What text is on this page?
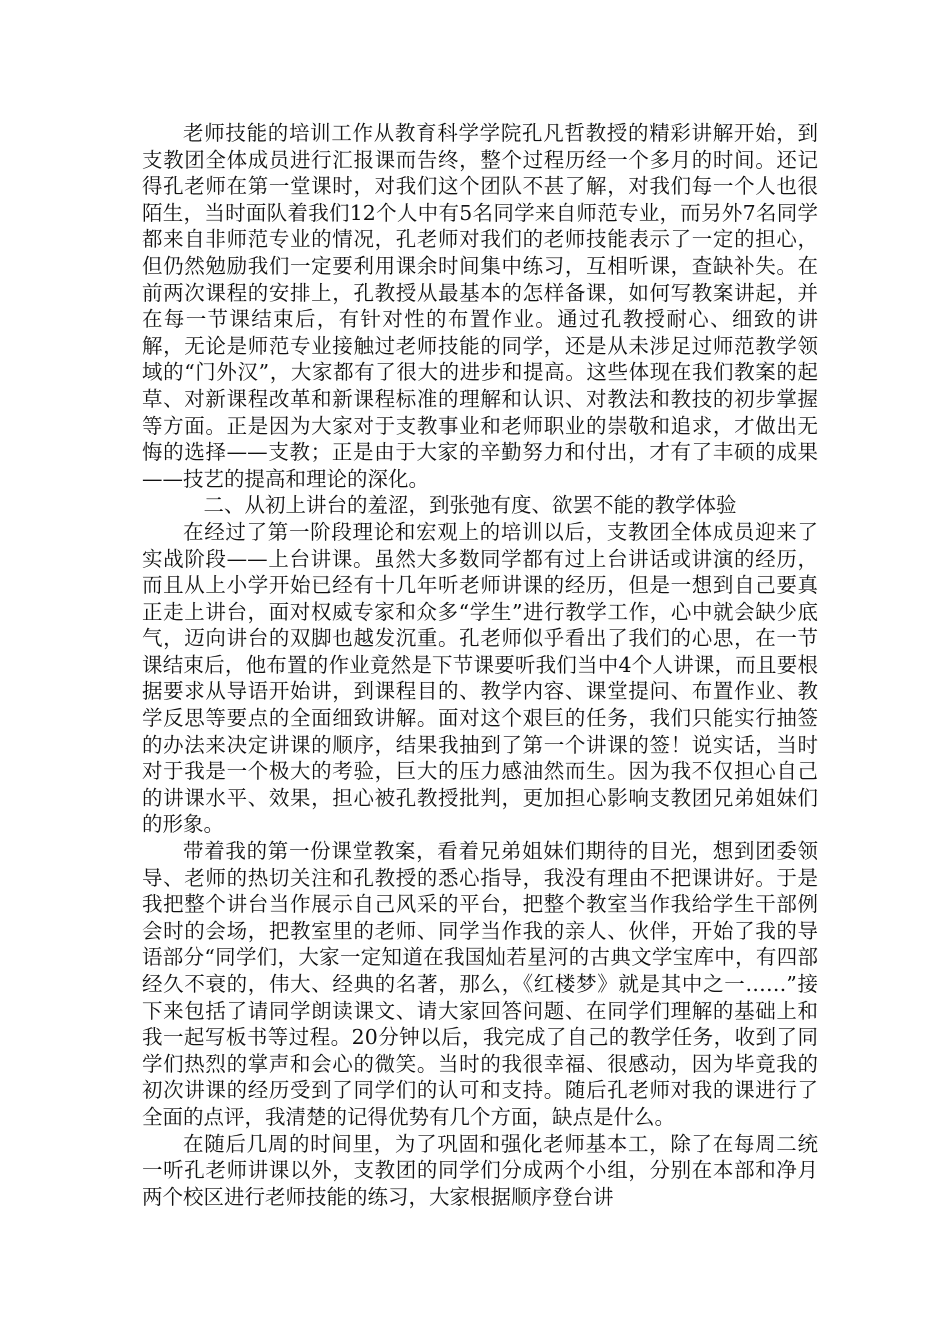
老师技能的培训工作从教育科学学院孔凡哲教授的精彩讲解开始，到支教团全体成员进行汇报课而告终，整个过程历经一个多月的时间。还记得孔老师在第一堂课时，对我们这个团队不甚了解，对我们每一个人也很陌生，当时面队着我们12个人中有5名同学来自师范专业，而另外7名同学都来自非师范专业的情况，孔老师对我们的老师技能表示了一定的担心，但仍然勉励我们一定要利用课余时间集中练习，互相听课，查缺补失。在前两次课程的安排上，孔教授从最基本的怎样备课，如何写教案讲起，并在每一节课结束后，有针对性的布置作业。通过孔教授耐心、细致的讲解，无论是师范专业接触过老师技能的同学，还是从未涉足过师范教学领域的“门外汉”，大家都有了很大的进步和提高。这些体现在我们教案的起草、对新课程改革和新课程标准的理解和认识、对教法和教技的初步掌握等方面。正是因为大家对于支教事业和老师职业的崇敬和追求，才做出无悔的选择——支教；正是由于大家的辛勤努力和付出，才有了丰硕的成果——技艺的提高和理论的深化。

二、从初上讲台的羞涩，到张弛有度、欲罢不能的教学体验

在经过了第一阶段理论和宏观上的培训以后，支教团全体成员迎来了实战阶段——上台讲课。虽然大多数同学都有过上台讲话或讲演的经历，而且从上小学开始已经有十几年听老师讲课的经历，但是一想到自己要真正走上讲台，面对权威专家和众多“学生”进行教学工作，心中就会缺少底气，迈向讲台的双脚也越发沉重。孔老师似乎看出了我们的心思，在一节课结束后，他布置的作业竟然是下节课要听我们当中4个人讲课，而且要根据要求从导语开始讲，到课程目的、教学内容、课堂提问、布置作业、教学反思等要点的全面细致讲解。面对这个艰巨的任务，我们只能实行抽签的办法来决定讲课的顺序，结果我抽到了第一个讲课的签！说实话，当时对于我是一个极大的考验，巨大的压力感油然而生。因为我不仅担心自己的讲课水平、效果，担心被孔教授批判，更加担心影响支教团兄弟姐妹们的形象。

带着我的第一份课堂教案，看着兄弟姐妹们期待的目光，想到团委领导、老师的热切关注和孔教授的悉心指导，我没有理由不把课讲好。于是我把整个讲台当作展示自己风采的平台，把整个教室当作我给学生干部例会时的会场，把教室里的老师、同学当作我的亲人、伙伴，开始了我的导语部分“同学们，大家一定知道在我国灿若星河的古典文学宝库中，有四部经久不衰的，伟大、经典的名著，那么，《红楼梦》就是其中之一……”接下来包括了请同学朗读课文、请大家回答问题、在同学们理解的基础上和我一起写板书等过程。20分钟以后，我完成了自己的教学任务，收到了同学们热烈的掌声和会心的微笑。当时的我很幸福、很感动，因为毕竟我的初次讲课的经历受到了同学们的认可和支持。随后孔老师对我的课进行了全面的点评，我清楚的记得优势有几个方面，缺点是什么。

在随后几周的时间里，为了巩固和强化老师基本工，除了在每周二统一听孔老师讲课以外，支教团的同学们分成两个小组，分别在本部和净月两个校区进行老师技能的练习，大家根据顺序登台讲
